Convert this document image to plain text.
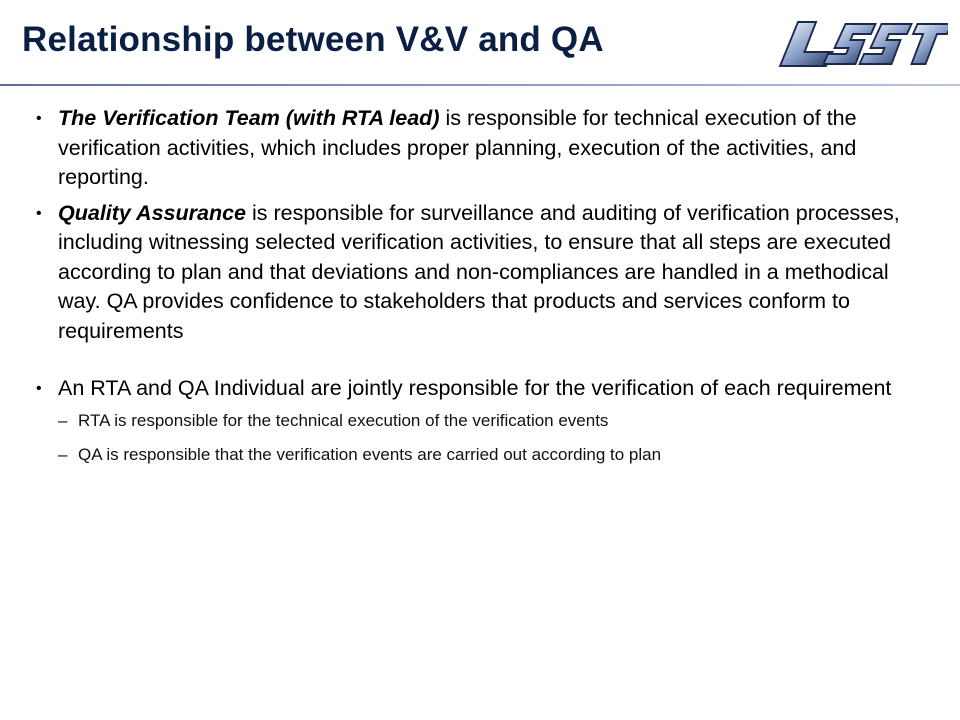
Relationship between V&V and QA
• The Verification Team (with RTA lead) is responsible for technical execution of the verification activities, which includes proper planning, execution of the activities, and reporting.
• Quality Assurance is responsible for surveillance and auditing of verification processes, including witnessing selected verification activities, to ensure that all steps are executed according to plan and that deviations and non-compliances are handled in a methodical way. QA provides confidence to stakeholders that products and services conform to requirements
• An RTA and QA Individual are jointly responsible for the verification of each requirement
– RTA is responsible for the technical execution of the verification events
– QA is responsible that the verification events are carried out according to plan
